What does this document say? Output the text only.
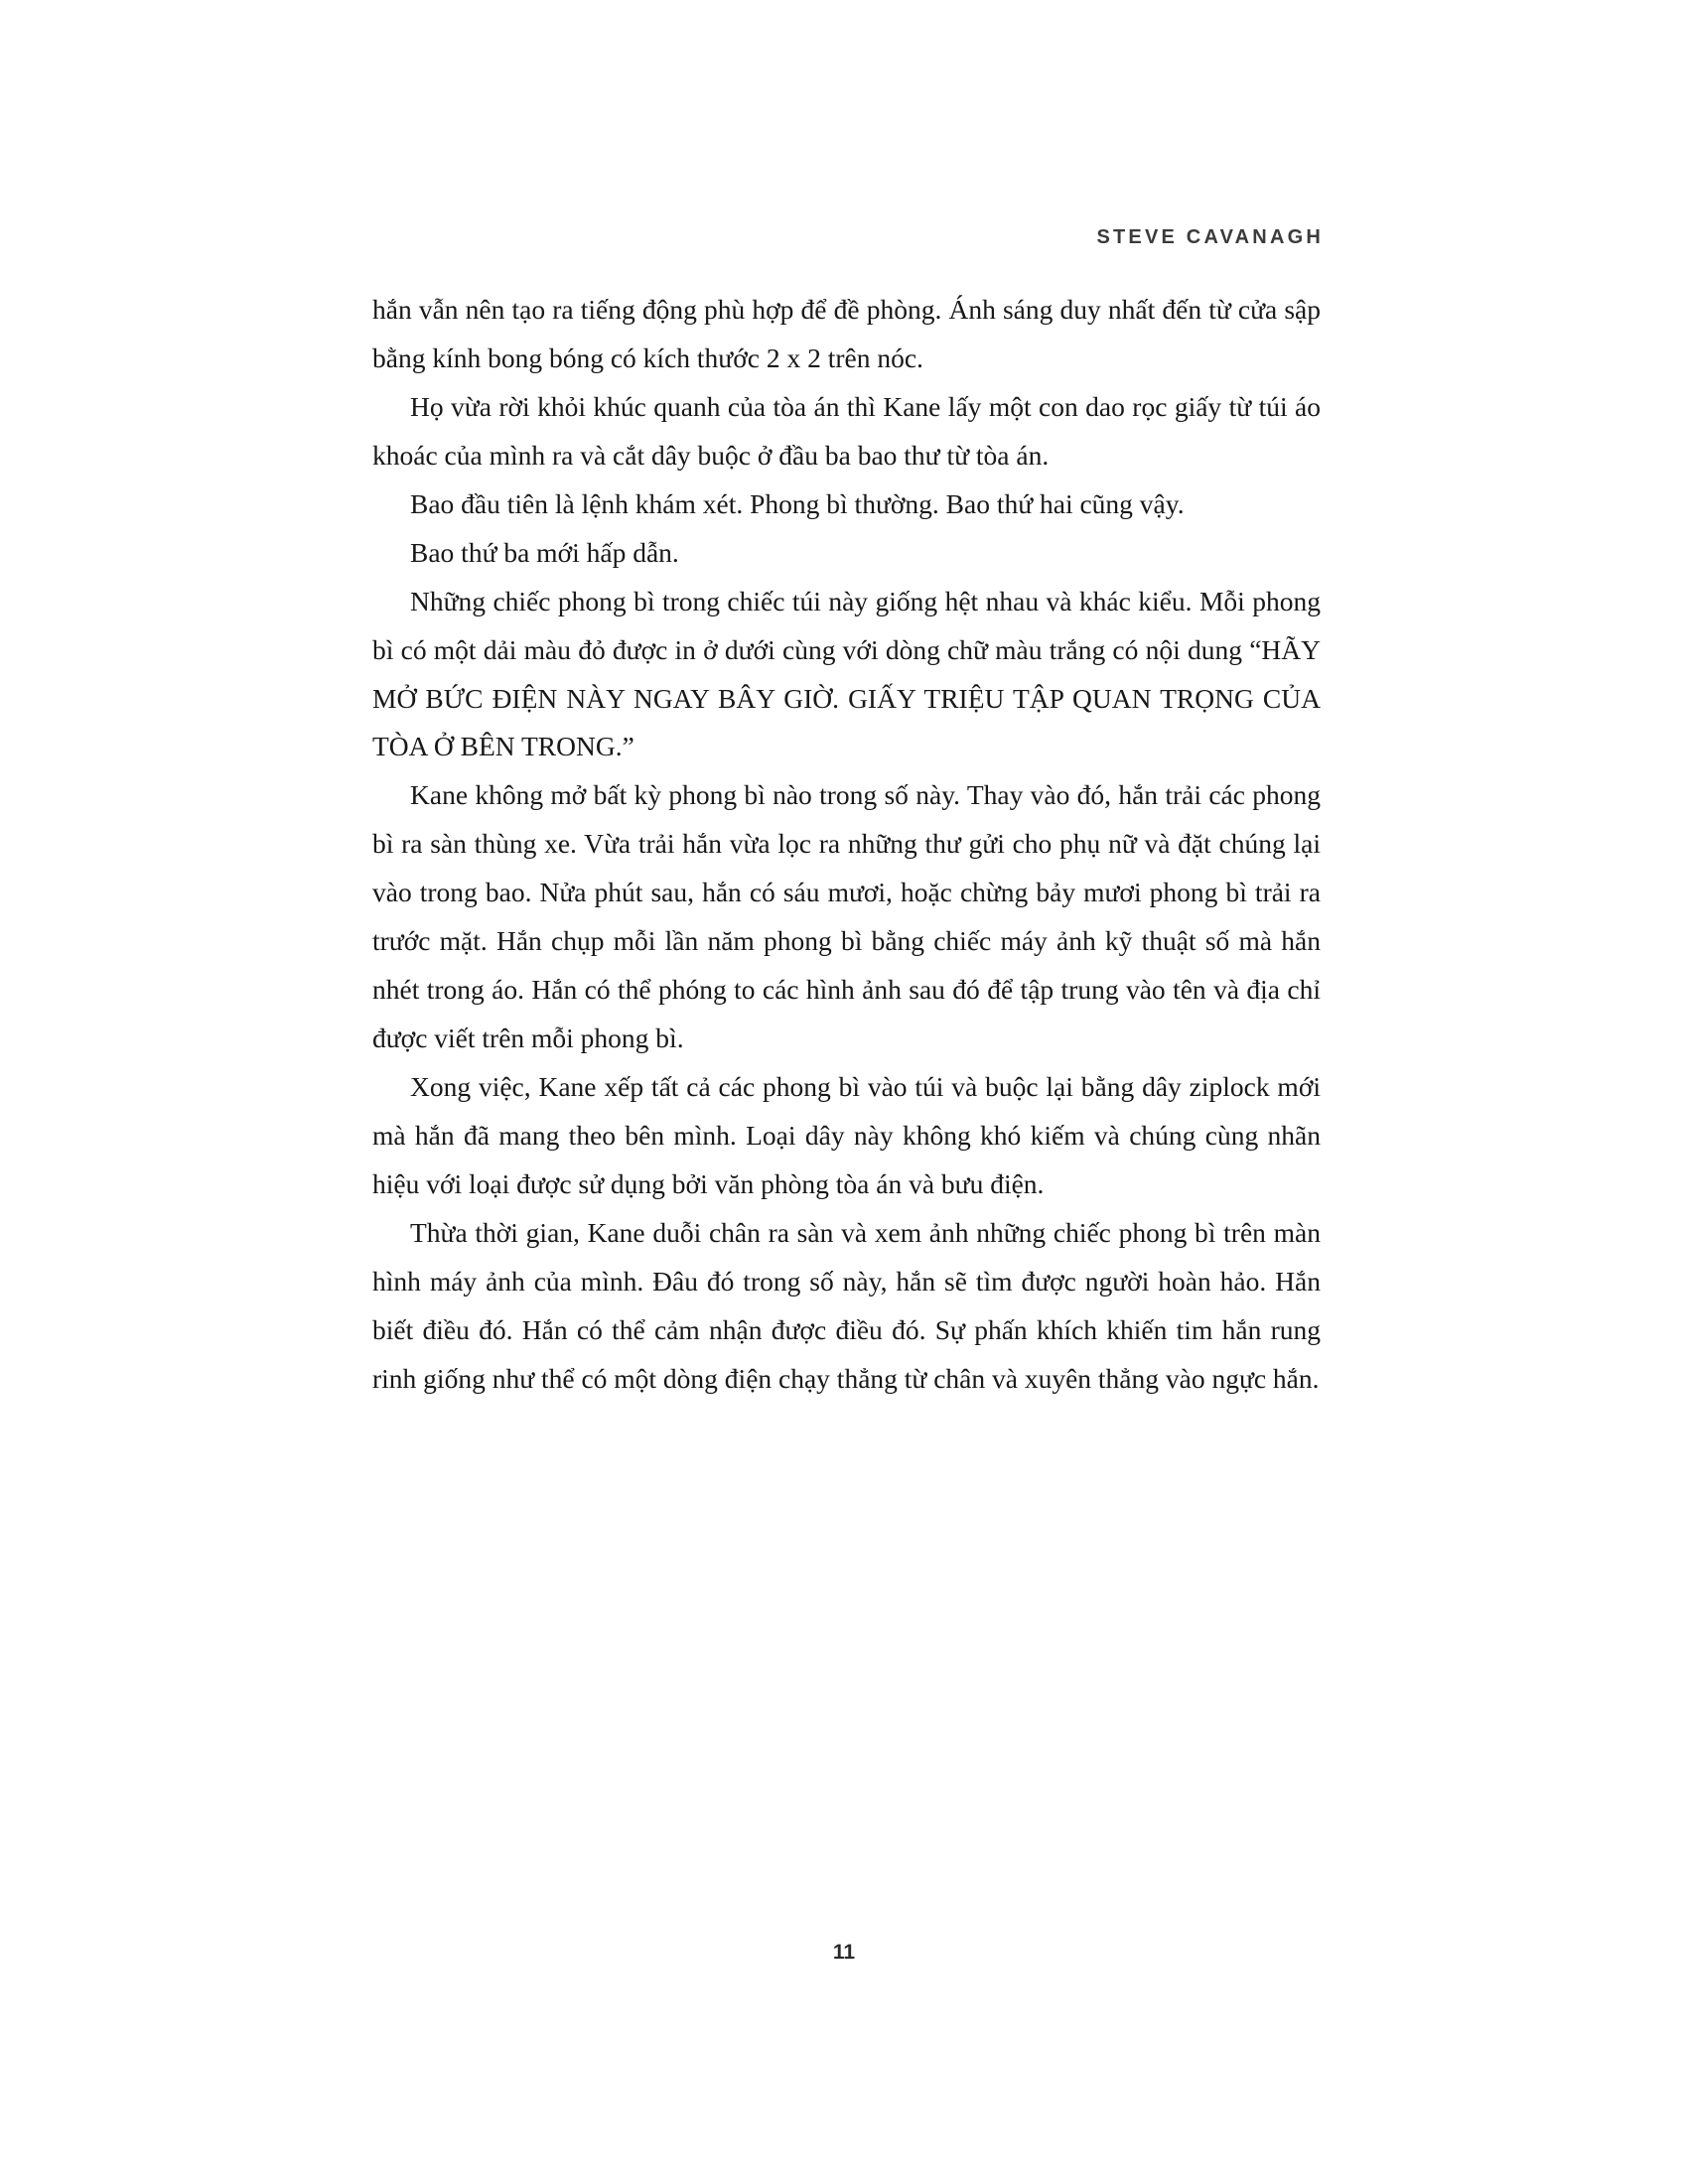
STEVE CAVANAGH

hắn vẫn nên tạo ra tiếng động phù hợp để đề phòng. Ánh sáng duy nhất đến từ cửa sập bằng kính bong bóng có kích thước 2 x 2 trên nóc.

Họ vừa rời khỏi khúc quanh của tòa án thì Kane lấy một con dao rọc giấy từ túi áo khoác của mình ra và cắt dây buộc ở đầu ba bao thư từ tòa án.

Bao đầu tiên là lệnh khám xét. Phong bì thường. Bao thứ hai cũng vậy.

Bao thứ ba mới hấp dẫn.

Những chiếc phong bì trong chiếc túi này giống hệt nhau và khác kiểu. Mỗi phong bì có một dải màu đỏ được in ở dưới cùng với dòng chữ màu trắng có nội dung “HÃY MỞ BỨC ĐIỆN NÀY NGAY BÂY GIỜ. GIẤY TRIỆU TẬP QUAN TRỌNG CỦA TÒA Ở BÊN TRONG.”

Kane không mở bất kỳ phong bì nào trong số này. Thay vào đó, hắn trải các phong bì ra sàn thùng xe. Vừa trải hắn vừa lọc ra những thư gửi cho phụ nữ và đặt chúng lại vào trong bao. Nửa phút sau, hắn có sáu mươi, hoặc chừng bảy mươi phong bì trải ra trước mặt. Hắn chụp mỗi lần năm phong bì bằng chiếc máy ảnh kỹ thuật số mà hắn nhét trong áo. Hắn có thể phóng to các hình ảnh sau đó để tập trung vào tên và địa chỉ được viết trên mỗi phong bì.

Xong việc, Kane xếp tất cả các phong bì vào túi và buộc lại bằng dây ziplock mới mà hắn đã mang theo bên mình. Loại dây này không khó kiếm và chúng cùng nhãn hiệu với loại được sử dụng bởi văn phòng tòa án và bưu điện.

Thừa thời gian, Kane duỗi chân ra sàn và xem ảnh những chiếc phong bì trên màn hình máy ảnh của mình. Đâu đó trong số này, hắn sẽ tìm được người hoàn hảo. Hắn biết điều đó. Hắn có thể cảm nhận được điều đó. Sự phấn khích khiến tim hắn rung rinh giống như thể có một dòng điện chạy thẳng từ chân và xuyên thẳng vào ngực hắn.

11
